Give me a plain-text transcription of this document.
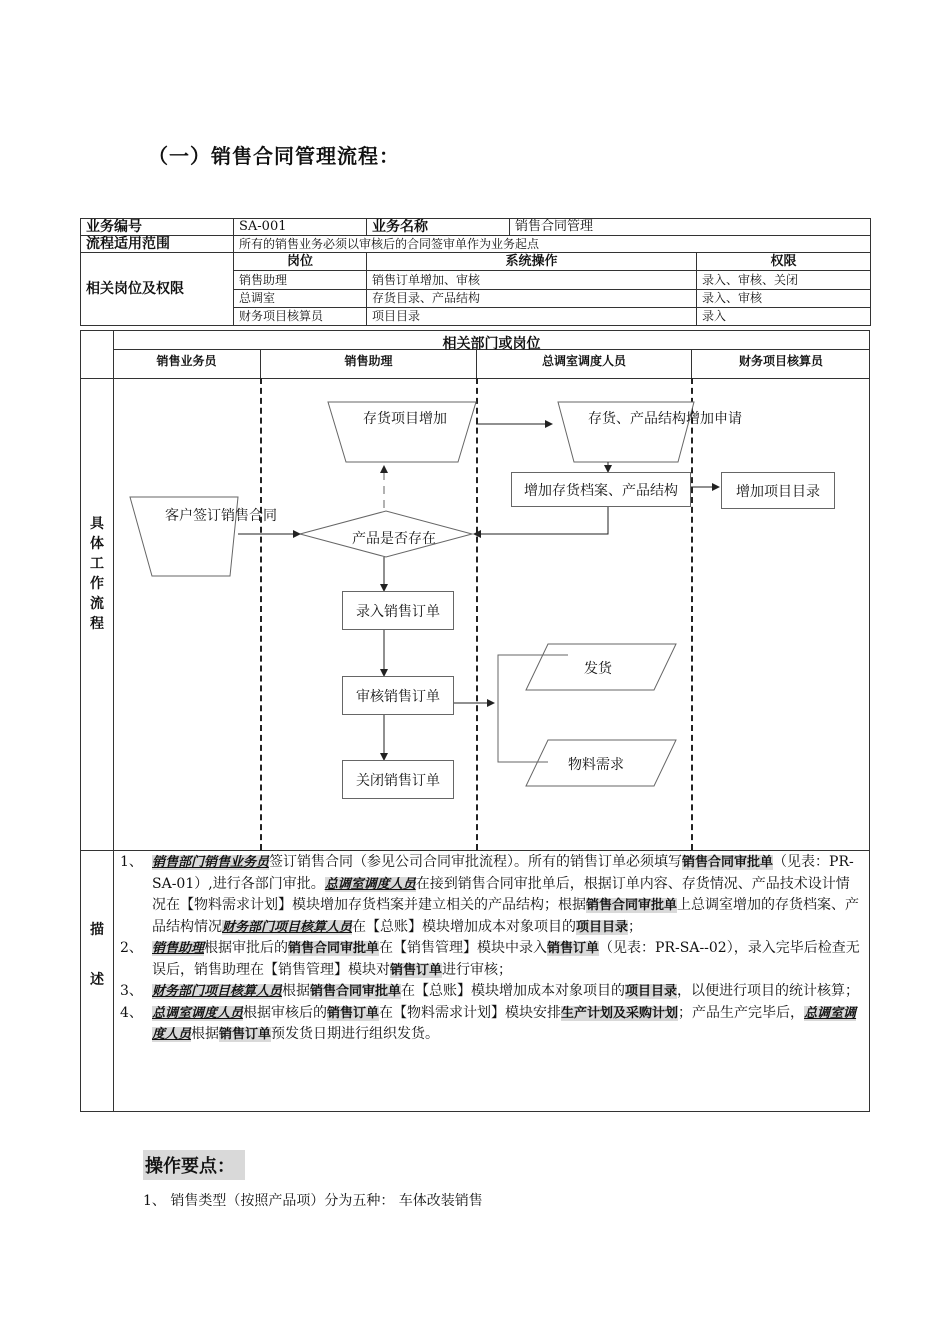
（一）销售合同管理流程：
业务编号	SA-001	业务名称	销售合同管理	
流程适用范围	所有的销售业务必须以审核后的合同签审单作为业务起点			
相关岗位及权限	岗位	系统操作		权限
	销售助理	销售订单增加、审核		录入、审核、关闭
	总调室	存货目录、产品结构		录入、审核
	财务项目核算员	项目目录		录入
相关部门或岗位
销售业务员	销售助理	总调室调度人员	财务项目核算员
具
体
工
作
流
程
描
述
客户签订销售合同
存货项目增加	存货、产品结构增加申请
产品是否存在
发货
物料需求
增加存货档案、产品结构	增加项目目录
录入销售订单
审核销售订单
关闭销售订单
1、 销售部门销售业务员签订销售合同（参见公司合同审批流程）。所有的销售订单必须填写销售合同审批单（见表：PR-SA-01）,进行各部门审批。总调室调度人员在接到销售合同审批单后，根据订单内容、存货情况、产品技术设计情况在【物料需求计划】模块增加存货档案并建立相关的产品结构；根据销售合同审批单上总调室增加的存货档案、产品结构情况财务部门项目核算人员在【总账】模块增加成本对象项目的项目目录；
2、 销售助理根据审批后的销售合同审批单在【销售管理】模块中录入销售订单（见表：PR-SA--02），录入完毕后检查无误后，销售助理在【销售管理】模块对销售订单进行审核；
3、 财务部门项目核算人员根据销售合同审批单在【总账】模块增加成本对象项目的项目目录，以便进行项目的统计核算；
4、 总调室调度人员根据审核后的销售订单在【物料需求计划】模块安排生产计划及采购计划；产品生产完毕后，总调室调度人员根据销售订单预发货日期进行组织发货。
操作要点：
1、 销售类型（按照产品项）分为五种： 车体改装销售
